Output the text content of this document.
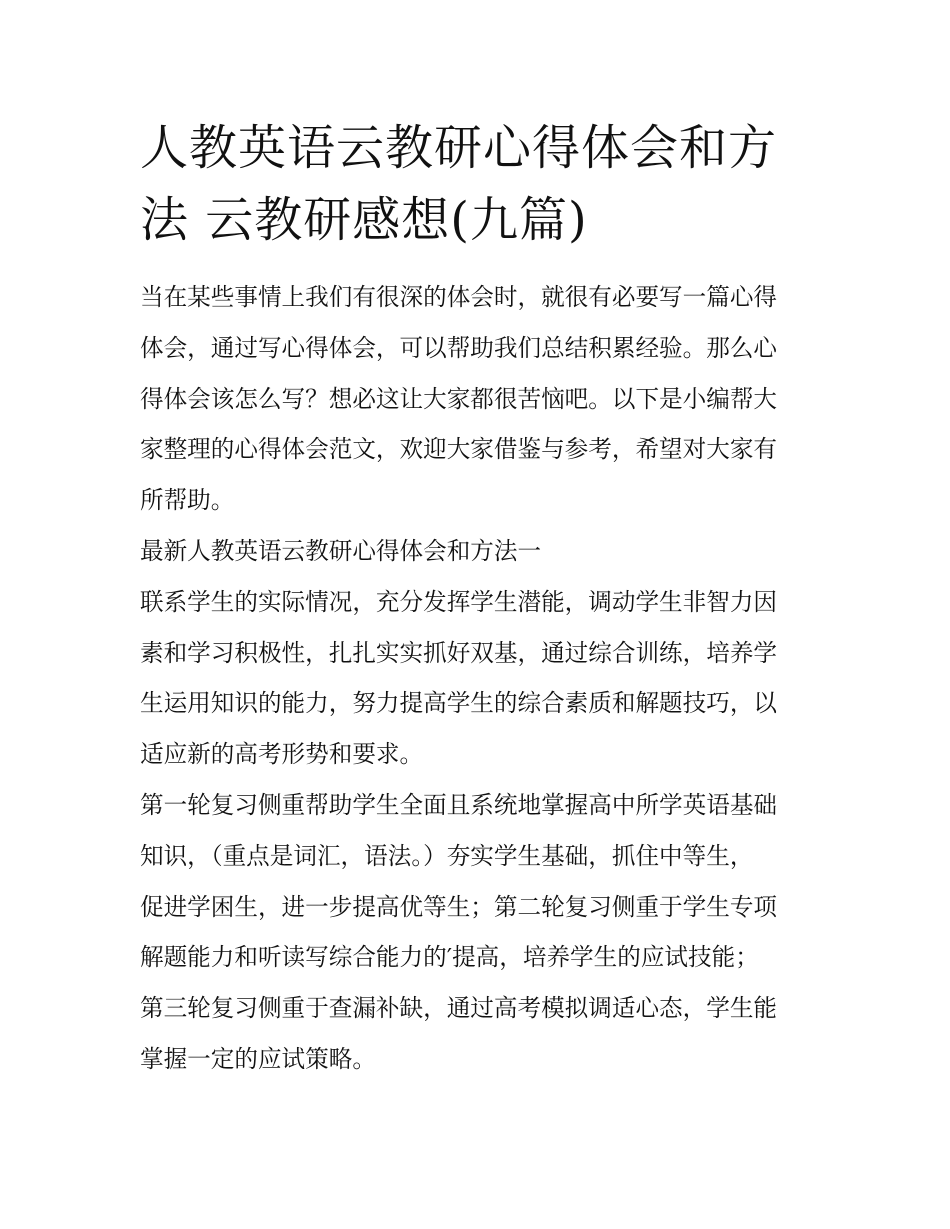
人教英语云教研心得体会和方
法 云教研感想(九篇)
当在某些事情上我们有很深的体会时，就很有必要写一篇心得
体会，通过写心得体会，可以帮助我们总结积累经验。那么心
得体会该怎么写？想必这让大家都很苦恼吧。以下是小编帮大
家整理的心得体会范文，欢迎大家借鉴与参考，希望对大家有
所帮助。
最新人教英语云教研心得体会和方法一
联系学生的实际情况，充分发挥学生潜能，调动学生非智力因
素和学习积极性，扎扎实实抓好双基，通过综合训练，培养学
生运用知识的能力，努力提高学生的综合素质和解题技巧，以
适应新的高考形势和要求。
第一轮复习侧重帮助学生全面且系统地掌握高中所学英语基础
知识，（重点是词汇，语法。）夯实学生基础，抓住中等生，
促进学困生，进一步提高优等生；第二轮复习侧重于学生专项
解题能力和听读写综合能力的′提高，培养学生的应试技能；
第三轮复习侧重于查漏补缺，通过高考模拟调适心态，学生能
掌握一定的应试策略。
